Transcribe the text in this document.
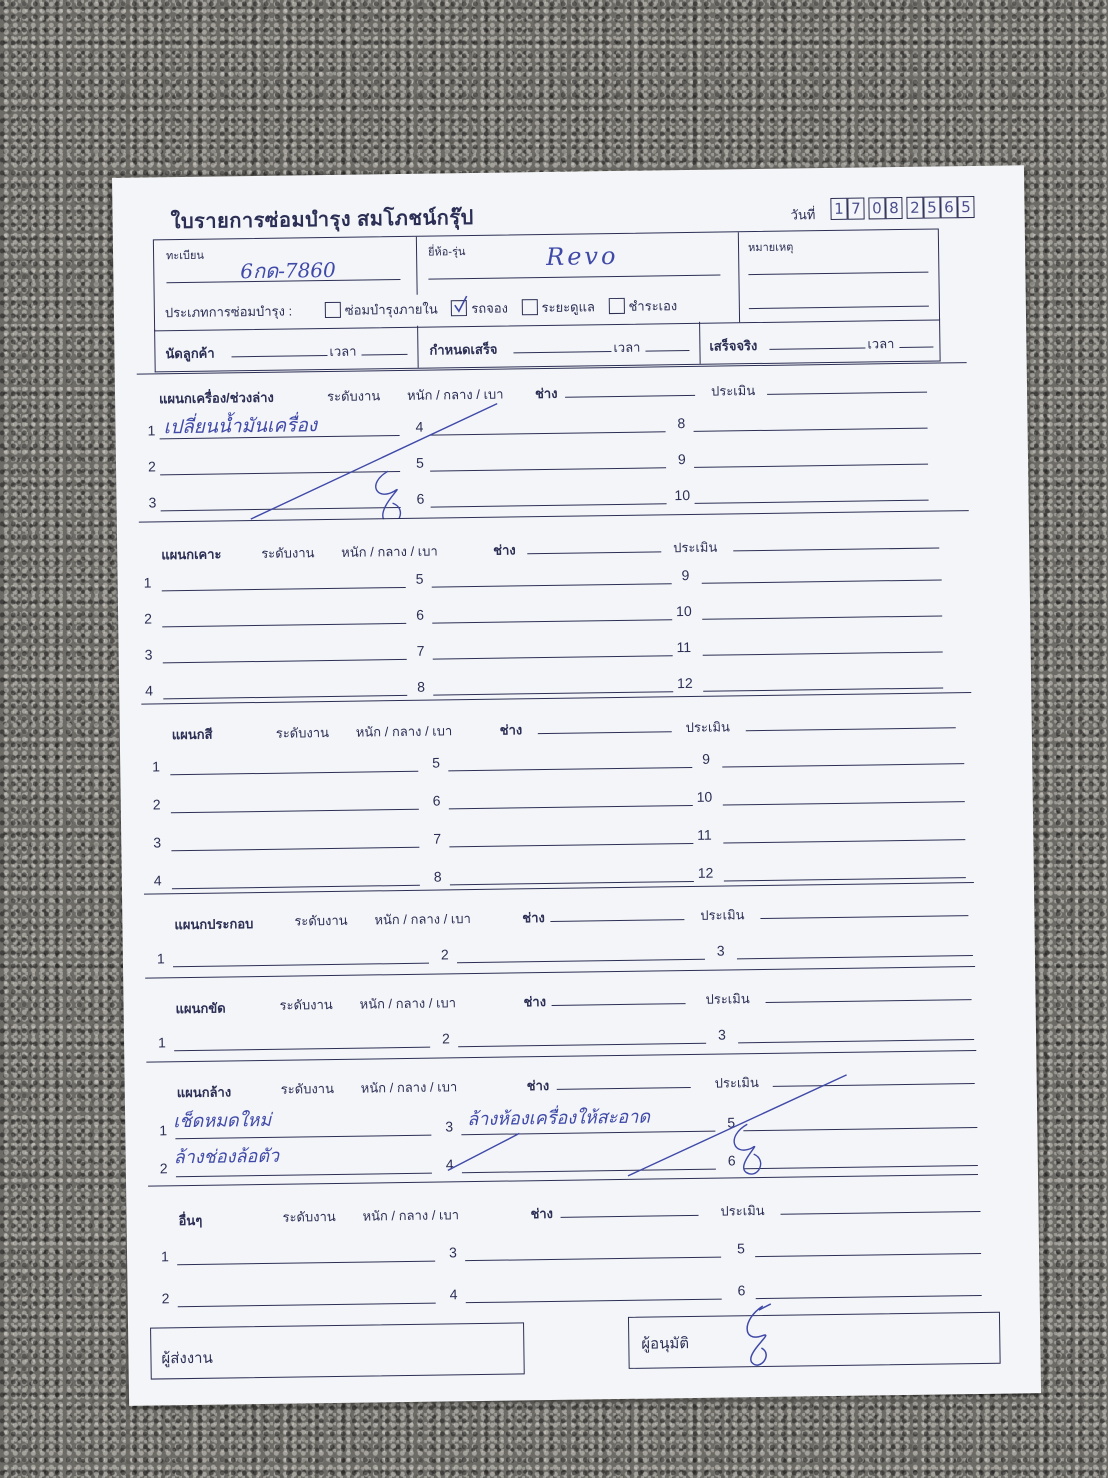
ใบรายการซ่อมบำรุง สมโภชน์กรุ๊ป	วันที่ 1 7 0 8 2 5 6 5
ทะเบียน
6กด-7860
ยี่ห้อ-รุ่น	Revo	หมายเหตุ
ประเภทการซ่อมบำรุง :	ซ่อมบำรุงภายใน	รถจอง	ระยะดูแล	ชำระเอง
นัดลูกค้า	เวลา	กำหนดเสร็จ	เวลา	เสร็จจริง	เวลา
แผนกเครื่อง/ช่วงล่าง	ระดับงาน หนัก / กลาง / เบา ช่าง	ประเมิน
1 เปลี่ยนน้ำมันเครื่อง
2
3
4
5
6
8
9
10
แผนกเคาะ	ระดับงาน หนัก / กลาง / เบา	ช่าง	ประเมิน
1
2
3
4
5
6
7
8
9
10
11
12
แผนกสี	ระดับงาน หนัก / กลาง / เบา	ช่าง	ประเมิน
1
2
3
4
5
6
7
8
9
10
11
12
แผนกประกอบ	ระดับงาน หนัก / กลาง / เบา	ช่าง	ประเมิน
1	2	3
แผนกขัด	ระดับงาน หนัก / กลาง / เบา	ช่าง	ประเมิน
1	2	3
แผนกล้าง	ระดับงาน หนัก / กลาง / เบา	ช่าง	ประเมิน
1 เช็ดหมดใหม่
2
ล้างช่องล้อตัว
3 ล้างห้องเครื่องให้สะอาด
4
5
6
อื่นๆ	ระดับงาน หนัก / กลาง / เบา	ช่าง	ประเมิน
1
2
3
4
5
6
ผู้ส่งงาน
ผู้อนุมัติ
